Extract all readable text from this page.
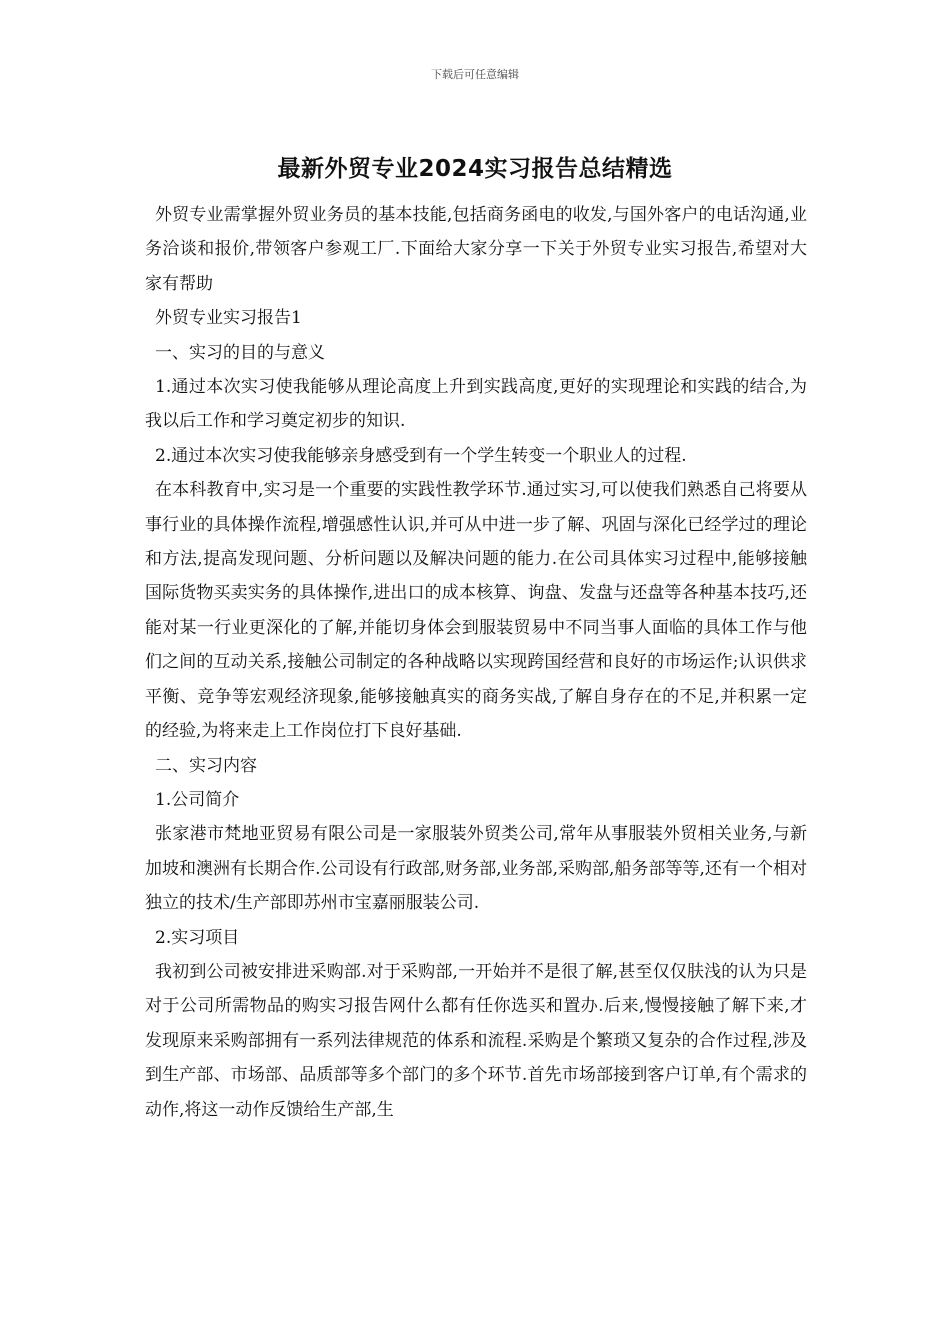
下载后可任意编辑
最新外贸专业2024实习报告总结精选

外贸专业需掌握外贸业务员的基本技能,包括商务函电的收发,与国外客户的电话沟通,业务洽谈和报价,带领客户参观工厂.下面给大家分享一下关于外贸专业实习报告,希望对大家有帮助

外贸专业实习报告1

一、实习的目的与意义

1.通过本次实习使我能够从理论高度上升到实践高度,更好的实现理论和实践的结合,为我以后工作和学习奠定初步的知识.

2.通过本次实习使我能够亲身感受到有一个学生转变一个职业人的过程.

在本科教育中,实习是一个重要的实践性教学环节.通过实习,可以使我们熟悉自己将要从事行业的具体操作流程,增强感性认识,并可从中进一步了解、巩固与深化已经学过的理论和方法,提高发现问题、分析问题以及解决问题的能力.在公司具体实习过程中,能够接触国际货物买卖实务的具体操作,进出口的成本核算、询盘、发盘与还盘等各种基本技巧,还能对某一行业更深化的了解,并能切身体会到服装贸易中不同当事人面临的具体工作与他们之间的互动关系,接触公司制定的各种战略以实现跨国经营和良好的市场运作;认识供求平衡、竞争等宏观经济现象,能够接触真实的商务实战,了解自身存在的不足,并积累一定的经验,为将来走上工作岗位打下良好基础.

二、实习内容

1.公司简介

张家港市梵地亚贸易有限公司是一家服装外贸类公司,常年从事服装外贸相关业务,与新加坡和澳洲有长期合作.公司设有行政部,财务部,业务部,采购部,船务部等等,还有一个相对独立的技术/生产部即苏州市宝嘉丽服装公司.

2.实习项目

我初到公司被安排进采购部.对于采购部,一开始并不是很了解,甚至仅仅肤浅的认为只是对于公司所需物品的购实习报告网什么都有任你选买和置办.后来,慢慢接触了解下来,才发现原来采购部拥有一系列法律规范的体系和流程.采购是个繁琐又复杂的合作过程,涉及到生产部、市场部、品质部等多个部门的多个环节.首先市场部接到客户订单,有个需求的动作,将这一动作反馈给生产部,生
